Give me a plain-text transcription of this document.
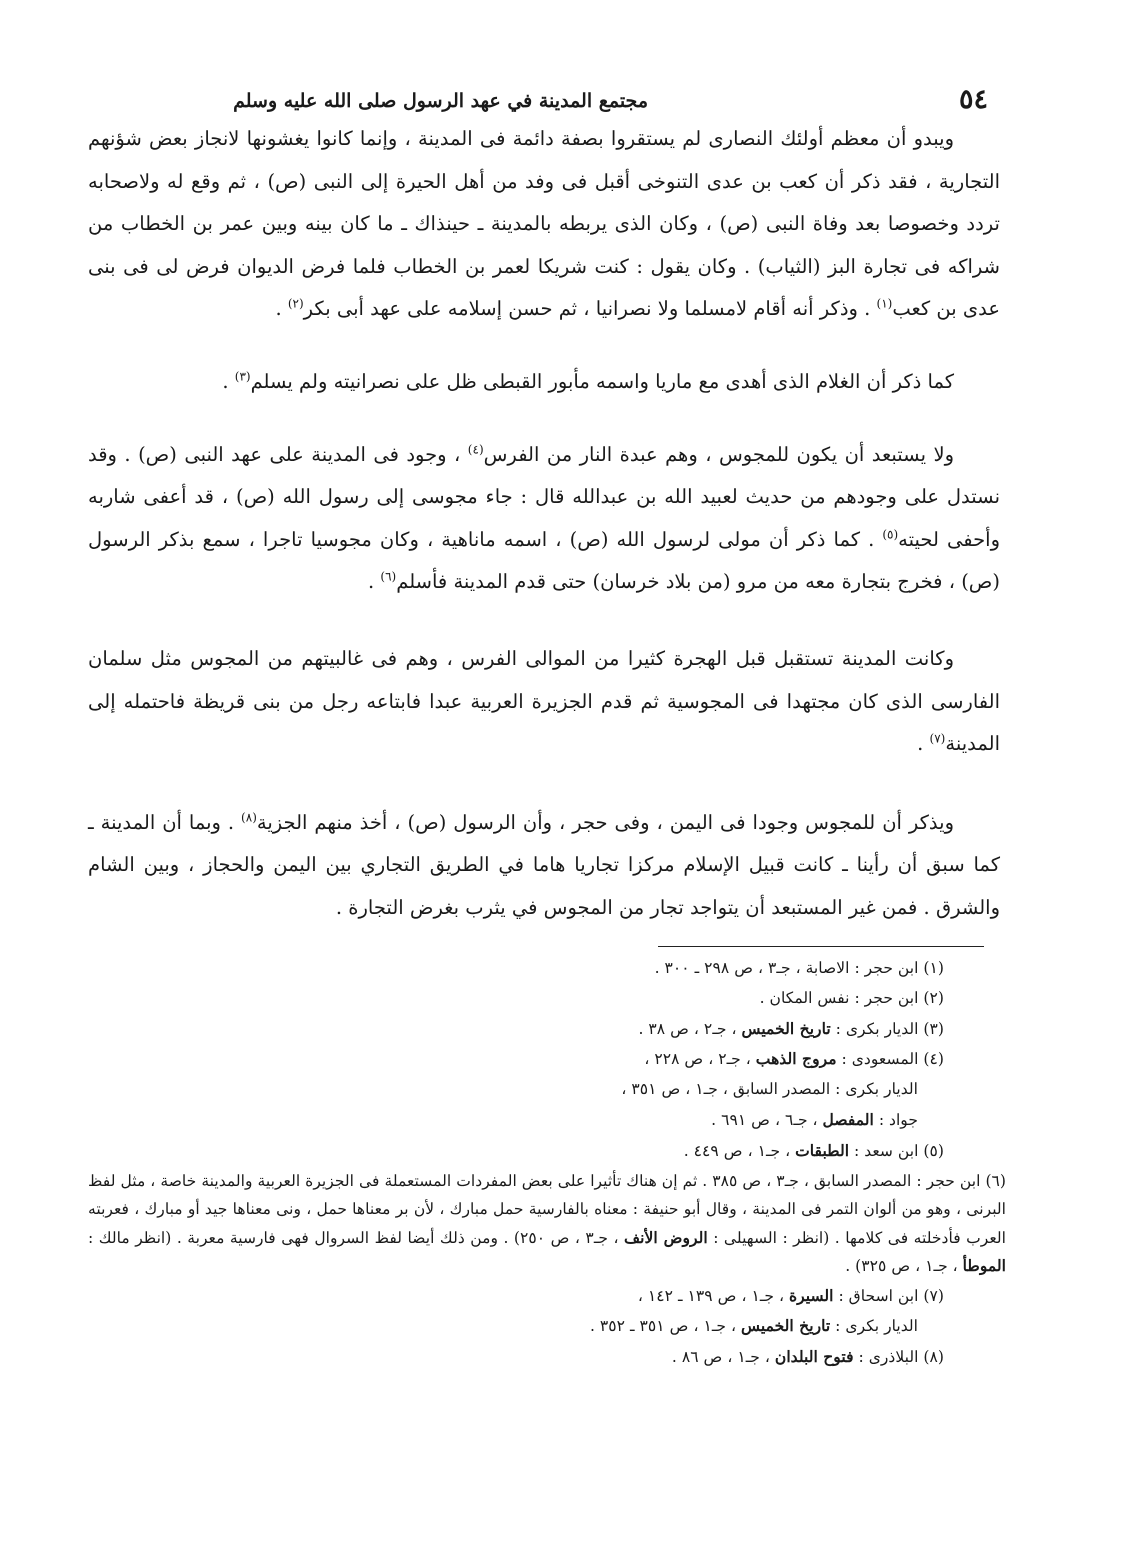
٥٤
مجتمع المدينة في عهد الرسول صلى الله عليه وسلم

ويبدو أن معظم أولئك النصارى لم يستقروا بصفة دائمة فى المدينة ، وإنما كانوا يغشونها لانجاز بعض شؤنهم التجارية ، فقد ذكر أن كعب بن عدى التنوخى أقبل فى وفد من أهل الحيرة إلى النبى (ص) ، ثم وقع له ولاصحابه تردد وخصوصا بعد وفاة النبى (ص) ، وكان الذى يربطه بالمدينة ـ حينذاك ـ ما كان بينه وبين عمر بن الخطاب من شراكه فى تجارة البز (الثياب) . وكان يقول : كنت شريكا لعمر بن الخطاب فلما فرض الديوان فرض لى فى بنى عدى بن كعب$^{(١)}$ . وذكر أنه أقام لامسلما ولا نصرانيا ، ثم حسن إسلامه على عهد أبى بكر$^{(٢)}$ .

كما ذكر أن الغلام الذى أهدى مع ماريا واسمه مأبور القبطى ظل على نصرانيته ولم يسلم$^{(٣)}$ .

ولا يستبعد أن يكون للمجوس ، وهم عبدة النار من الفرس$^{(٤)}$ ، وجود فى المدينة على عهد النبى (ص) . وقد نستدل على وجودهم من حديث لعبيد الله بن عبدالله قال : جاء مجوسى إلى رسول الله (ص) ، قد أعفى شاربه وأحفى لحيته$^{(٥)}$ . كما ذكر أن مولى لرسول الله (ص) ، اسمه ماناهية ، وكان مجوسيا تاجرا ، سمع بذكر الرسول (ص) ، فخرج بتجارة معه من مرو (من بلاد خرسان) حتى قدم المدينة فأسلم$^{(٦)}$ .

وكانت المدينة تستقبل قبل الهجرة كثيرا من الموالى الفرس ، وهم فى غالبيتهم من المجوس مثل سلمان الفارسى الذى كان مجتهدا فى المجوسية ثم قدم الجزيرة العربية عبدا فابتاعه رجل من بنى قريظة فاحتمله إلى المدينة$^{(٧)}$ .

ويذكر أن للمجوس وجودا فى اليمن ، وفى حجر ، وأن الرسول (ص) ، أخذ منهم الجزية$^{(٨)}$ . وبما أن المدينة ـ كما سبق أن رأينا ـ كانت قبيل الإسلام مركزا تجاريا هاما في الطريق التجاري بين اليمن والحجاز ، وبين الشام والشرق . فمن غير المستبعد أن يتواجد تجار من المجوس في يثرب بغرض التجارة .

(١) ابن حجر : الاصابة ، جـ٣ ، ص ٢٩٨ ـ ٣٠٠ .

(٢) ابن حجر : نفس المكان .

(٣) الديار بكرى : تاريخ الخميس ، جـ٢ ، ص ٣٨ .

(٤) المسعودى : مروج الذهب ، جـ٢ ، ص ٢٢٨ ،

الديار بكرى : المصدر السابق ، جـ١ ، ص ٣٥١ ،

جواد : المفصل ، جـ٦ ، ص ٦٩١ .

(٥) ابن سعد : الطبقات ، جـ١ ، ص ٤٤٩ .

(٦) ابن حجر : المصدر السابق ، جـ٣ ، ص ٣٨٥ . ثم إن هناك تأثيرا على بعض المفردات المستعملة فى الجزيرة العربية والمدينة خاصة ، مثل لفظ البرنى ، وهو من ألوان التمر فى المدينة ، وقال أبو حنيفة : معناه بالفارسية حمل مبارك ، لأن بر معناها حمل ، ونى معناها جيد أو مبارك ، فعربته العرب فأدخلته فى كلامها . (انظر : السهيلى : الروض الأنف ، جـ٣ ، ص ٢٥٠) . ومن ذلك أيضا لفظ السروال فهى فارسية معربة . (انظر مالك : الموطأ ، جـ١ ، ص ٣٢٥) .

(٧) ابن اسحاق : السيرة ، جـ١ ، ص ١٣٩ ـ ١٤٢ ،

الديار بكرى : تاريخ الخميس ، جـ١ ، ص ٣٥١ ـ ٣٥٢ .

(٨) البلاذرى : فتوح البلدان ، جـ١ ، ص ٨٦ .
